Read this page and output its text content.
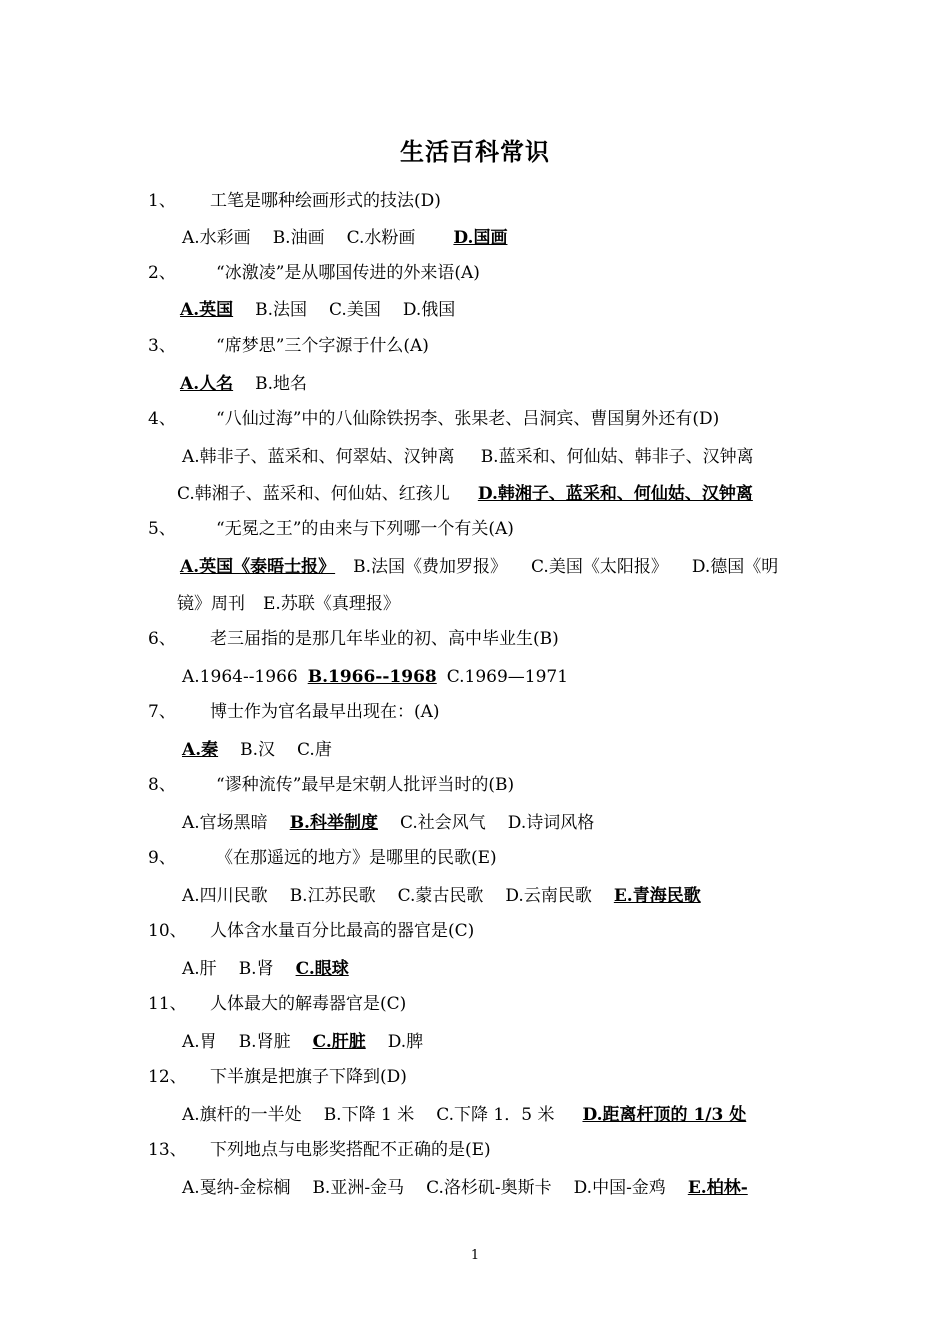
生活百科常识
1、 工笔是哪种绘画形式的技法(D)
A.水彩画 B.油画 C.水粉画 D.国画
2、 “冰激凌”是从哪国传进的外来语(A)
A.英国 B.法国 C.美国 D.俄国
3、 “席梦思”三个字源于什么(A)
A.人名 B.地名
4、 “八仙过海”中的八仙除铁拐李、张果老、吕洞宾、曹国舅外还有(D)
A.韩非子、蓝采和、何翠姑、汉钟离 B.蓝采和、何仙姑、韩非子、汉钟离
C.韩湘子、蓝采和、何仙姑、红孩儿 D.韩湘子、蓝采和、何仙姑、汉钟离
5、 “无冕之王”的由来与下列哪一个有关(A)
A.英国《泰晤士报》 B.法国《费加罗报》 C.美国《太阳报》 D.德国《明
镜》周刊 E.苏联《真理报》
6、 老三届指的是那几年毕业的初、高中毕业生(B)
A.1964--1966 B.1966--1968 C.1969—1971
7、 博士作为官名最早出现在：(A)
A.秦 B.汉 C.唐
8、 “谬种流传”最早是宋朝人批评当时的(B)
A.官场黑暗 B.科举制度 C.社会风气 D.诗词风格
9、 《在那遥远的地方》是哪里的民歌(E)
A.四川民歌 B.江苏民歌 C.蒙古民歌 D.云南民歌 E.青海民歌
10、 人体含水量百分比最高的器官是(C)
A.肝 B.肾 C.眼球
11、 人体最大的解毒器官是(C)
A.胃 B.肾脏 C.肝脏 D.脾
12、 下半旗是把旗子下降到(D)
A.旗杆的一半处 B.下降 1 米 C.下降 1．5 米 D.距离杆顶的 1/3 处
13、 下列地点与电影奖搭配不正确的是(E)
A.戛纳-金棕榈 B.亚洲-金马 C.洛杉矶-奥斯卡 D.中国-金鸡 E.柏林-
1
